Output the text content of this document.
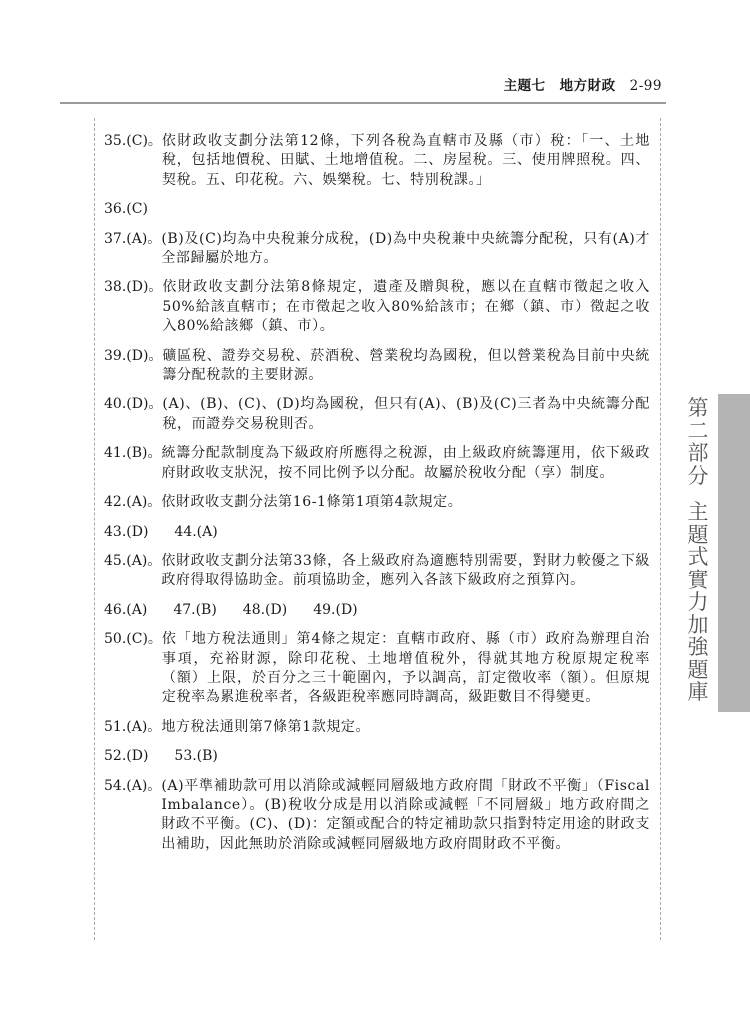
主題七 地方財政 2-99
35.(C)。 依財政收支劃分法第12條，下列各稅為直轄市及縣（市）稅：「一、土地稅，包括地價稅、田賦、土地增值稅。二、房屋稅。三、使用牌照稅。四、契稅。五、印花稅。六、娛樂稅。七、特別稅課。」
36.(C)
37.(A)。 (B)及(C)均為中央稅兼分成稅，(D)為中央稅兼中央統籌分配稅，只有(A)才全部歸屬於地方。
38.(D)。 依財政收支劃分法第8條規定，遺產及贈與稅，應以在直轄市徵起之收入50%給該直轄市；在市徵起之收入80%給該市；在鄉（鎮、市）徵起之收入80%給該鄉（鎮、市）。
39.(D)。 礦區稅、證券交易稅、菸酒稅、營業稅均為國稅，但以營業稅為目前中央統籌分配稅款的主要財源。
40.(D)。 (A)、(B)、(C)、(D)均為國稅，但只有(A)、(B)及(C)三者為中央統籌分配稅，而證券交易稅則否。
41.(B)。 統籌分配款制度為下級政府所應得之稅源，由上級政府統籌運用，依下級政府財政收支狀況，按不同比例予以分配。故屬於稅收分配（享）制度。
42.(A)。 依財政收支劃分法第16-1條第1項第4款規定。
43.(D) 44.(A)
45.(A)。 依財政收支劃分法第33條，各上級政府為適應特別需要，對財力較優之下級政府得取得協助金。前項協助金，應列入各該下級政府之預算內。
46.(A) 47.(B) 48.(D) 49.(D)
50.(C)。 依「地方稅法通則」第4條之規定：直轄市政府、縣（市）政府為辦理自治事項，充裕財源，除印花稅、土地增值稅外，得就其地方稅原規定稅率（額）上限，於百分之三十範圍內，予以調高，訂定徵收率（額）。但原規定稅率為累進稅率者，各級距稅率應同時調高，級距數目不得變更。
51.(A)。 地方稅法通則第7條第1款規定。
52.(D) 53.(B)
54.(A)。 (A)平準補助款可用以消除或減輕同層級地方政府間「財政不平衡」（Fiscal Imbalance）。(B)稅收分成是用以消除或減輕「不同層級」地方政府間之財政不平衡。(C)、(D)：定額或配合的特定補助款只指對特定用途的財政支出補助，因此無助於消除或減輕同層級地方政府間財政不平衡。
第二部分
主題式實力加強題庫
